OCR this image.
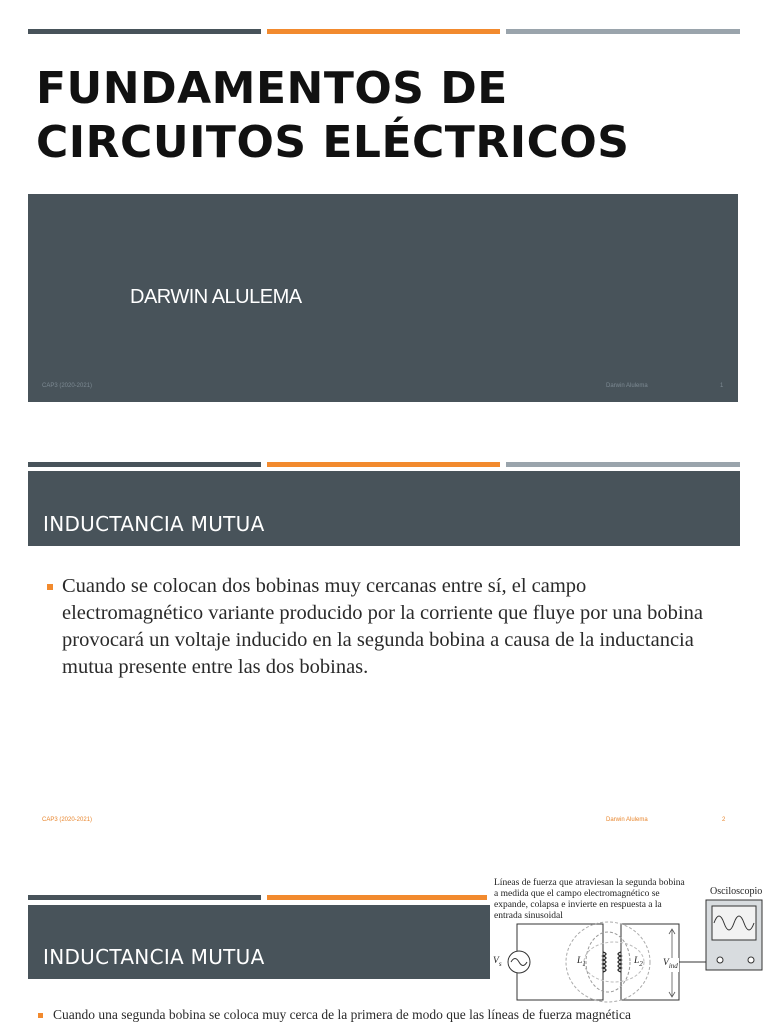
FUNDAMENTOS DE
CIRCUITOS ELÉCTRICOS
DARWIN ALULEMA
CAP3 (2020-2021)	Darwin Alulema	1
INDUCTANCIA MUTUA

Cuando se colocan dos bobinas muy cercanas entre sí, el campo electromagnético variante producido por la corriente que fluye por una bobina provocará un voltaje inducido en la segunda bobina a causa de la inductancia mutua presente entre las dos bobinas.

CAP3 (2020-2021)	Darwin Alulema	2
INDUCTANCIA MUTUA
Cuando una segunda bobina se coloca muy cerca de la primera de modo que las líneas de fuerza magnética
Líneas de fuerza que atraviesan la segunda bobina
a medida que el campo electromagnético se
expande, colapsa e invierte en respuesta a la
entrada sinusoidal
Osciloscopio
$V_s$	$L_1$	$L_2$ $V_{ind}$
